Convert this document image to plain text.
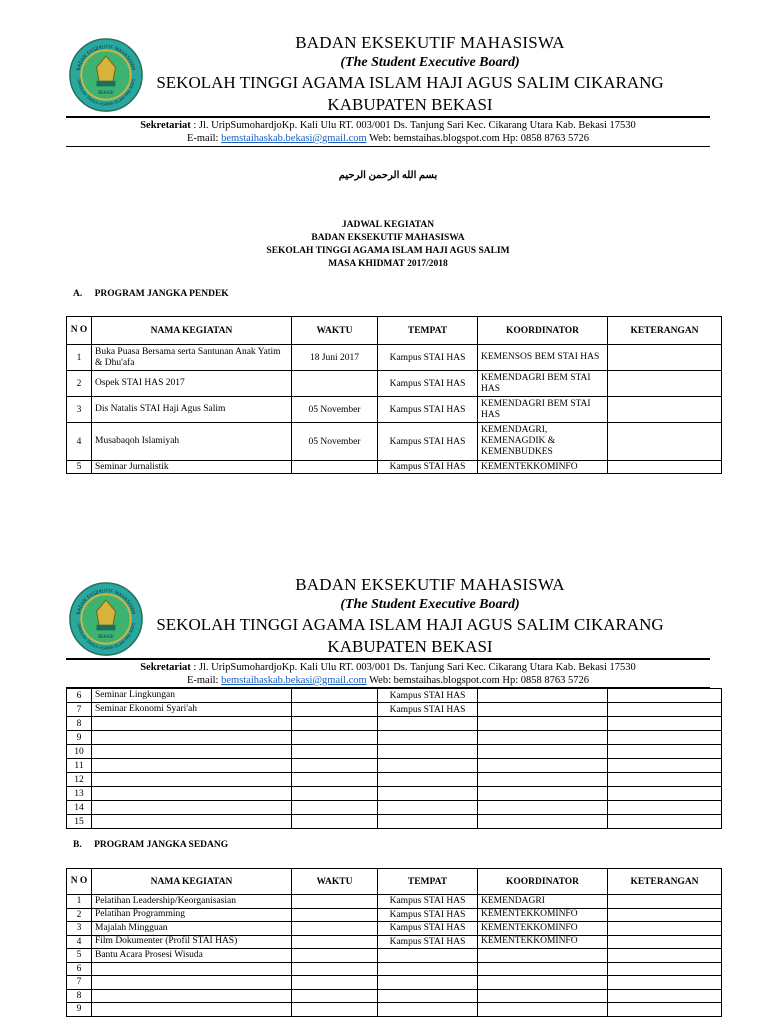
BADAN EKSEKUTIF MAHASISWA
SEKOLAH TINGGI AGAMA ISLAM HAJI AGUS
BEKASI
BADAN EKSEKUTIF MAHASISWA
(The Student Executive Board)
SEKOLAH TINGGI AGAMA ISLAM HAJI AGUS SALIM CIKARANG
KABUPATEN BEKASI
Sekretariat : Jl. UripSumohardjoKp. Kali Ulu RT. 003/001 Ds. Tanjung Sari Kec. Cikarang Utara Kab. Bekasi 17530
E-mail: bemstaihaskab.bekasi@gmail.com Web: bemstaihas.blogspot.com Hp: 0858 8763 5726
بسم الله الرحمن الرحيم
JADWAL KEGIATAN
BADAN EKSEKUTIF MAHASISWA
SEKOLAH TINGGI AGAMA ISLAM HAJI AGUS SALIM
MASA KHIDMAT 2017/2018
A. PROGRAM JANGKA PENDEK
N O	NAMA KEGIATAN	WAKTU	TEMPAT	KOORDINATOR	KETERANGAN
1	Buka Puasa Bersama serta Santunan Anak Yatim & Dhu'afa	18 Juni 2017	Kampus STAI HAS	KEMENSOS BEM STAI HAS	
2	Ospek STAI HAS 2017		Kampus STAI HAS	KEMENDAGRI BEM STAI HAS	
3	Dis Natalis STAI Haji Agus Salim	05 November	Kampus STAI HAS	KEMENDAGRI BEM STAI HAS	
4	Musabaqoh Islamiyah	05 November	Kampus STAI HAS	KEMENDAGRI, KEMENAGDIK & KEMENBUDKES	
5	Seminar Jurnalistik		Kampus STAI HAS	KEMENTEKKOMINFO	
BADAN EKSEKUTIF MAHASISWA
SEKOLAH TINGGI AGAMA ISLAM HAJI AGUS
BEKASI
BADAN EKSEKUTIF MAHASISWA
(The Student Executive Board)
SEKOLAH TINGGI AGAMA ISLAM HAJI AGUS SALIM CIKARANG
KABUPATEN BEKASI
Sekretariat : Jl. UripSumohardjoKp. Kali Ulu RT. 003/001 Ds. Tanjung Sari Kec. Cikarang Utara Kab. Bekasi 17530
E-mail: bemstaihaskab.bekasi@gmail.com Web: bemstaihas.blogspot.com Hp: 0858 8763 5726
6	Seminar Lingkungan		Kampus STAI HAS		
7	Seminar Ekonomi Syari'ah		Kampus STAI HAS		
8					
9					
10					
11					
12					
13					
14					
15					
B. PROGRAM JANGKA SEDANG
N O	NAMA KEGIATAN	WAKTU	TEMPAT	KOORDINATOR	KETERANGAN
1	Pelatihan Leadership/Keorganisasian		Kampus STAI HAS	KEMENDAGRI	
2	Pelatihan Programming		Kampus STAI HAS	KEMENTEKKOMINFO	
3	Majalah Mingguan		Kampus STAI HAS	KEMENTEKKOMINFO	
4	Film Dokumenter (Profil STAI HAS)		Kampus STAI HAS	KEMENTEKKOMINFO	
5	Bantu Acara Prosesi Wisuda				
6					
7					
8					
9					
